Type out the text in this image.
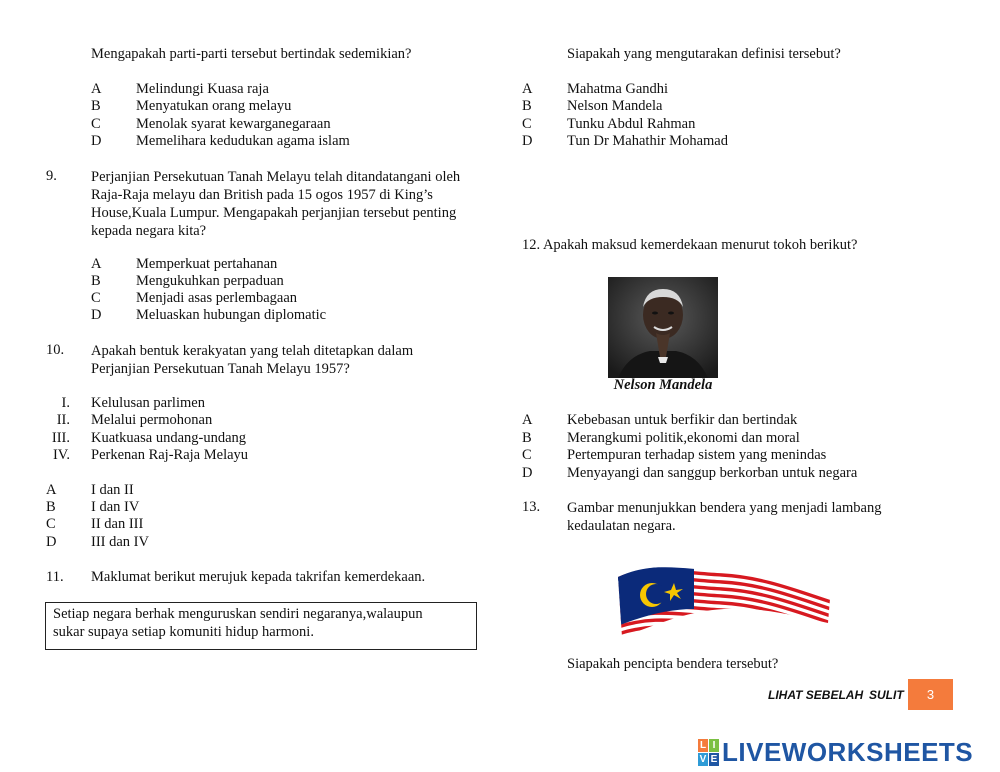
Mengapakah parti-parti tersebut bertindak sedemikian?
A Melindungi Kuasa raja
B Menyatukan orang melayu
C Menolak syarat kewarganegaraan
D Memelihara kedudukan agama islam
9. Perjanjian Persekutuan Tanah Melayu telah ditandatangani oleh Raja-Raja melayu dan British pada 15 ogos 1957 di King’s House,Kuala Lumpur. Mengapakah perjanjian tersebut penting kepada negara kita?
A Memperkuat pertahanan
B Mengukuhkan perpaduan
C Menjadi asas perlembagaan
D Meluaskan hubungan diplomatic
10. Apakah bentuk kerakyatan yang telah ditetapkan dalam Perjanjian Persekutuan Tanah Melayu 1957?
I. Kelulusan parlimen
II. Melalui permohonan
III. Kuatkuasa undang-undang
IV. Perkenan Raj-Raja Melayu
A I dan II
B I dan IV
C II dan III
D III dan IV
11. Maklumat berikut merujuk kepada takrifan kemerdekaan.
Setiap negara berhak menguruskan sendiri negaranya,walaupun sukar supaya setiap komuniti hidup harmoni.
Siapakah yang mengutarakan definisi tersebut?
A Mahatma Gandhi
B Nelson Mandela
C Tunku Abdul Rahman
D Tun Dr Mahathir Mohamad
12. Apakah maksud kemerdekaan menurut tokoh berikut?
Nelson Mandela
A Kebebasan untuk berfikir dan bertindak
B Merangkumi politik,ekonomi dan moral
C Pertempuran terhadap sistem yang menindas
D Menyayangi dan sanggup berkorban untuk negara
13. Gambar menunjukkan bendera yang menjadi lambang kedaulatan negara.
Siapakah pencipta bendera tersebut?
LIHAT SEBELAH SULIT	3
L I
V E LIVEWORKSHEETS
